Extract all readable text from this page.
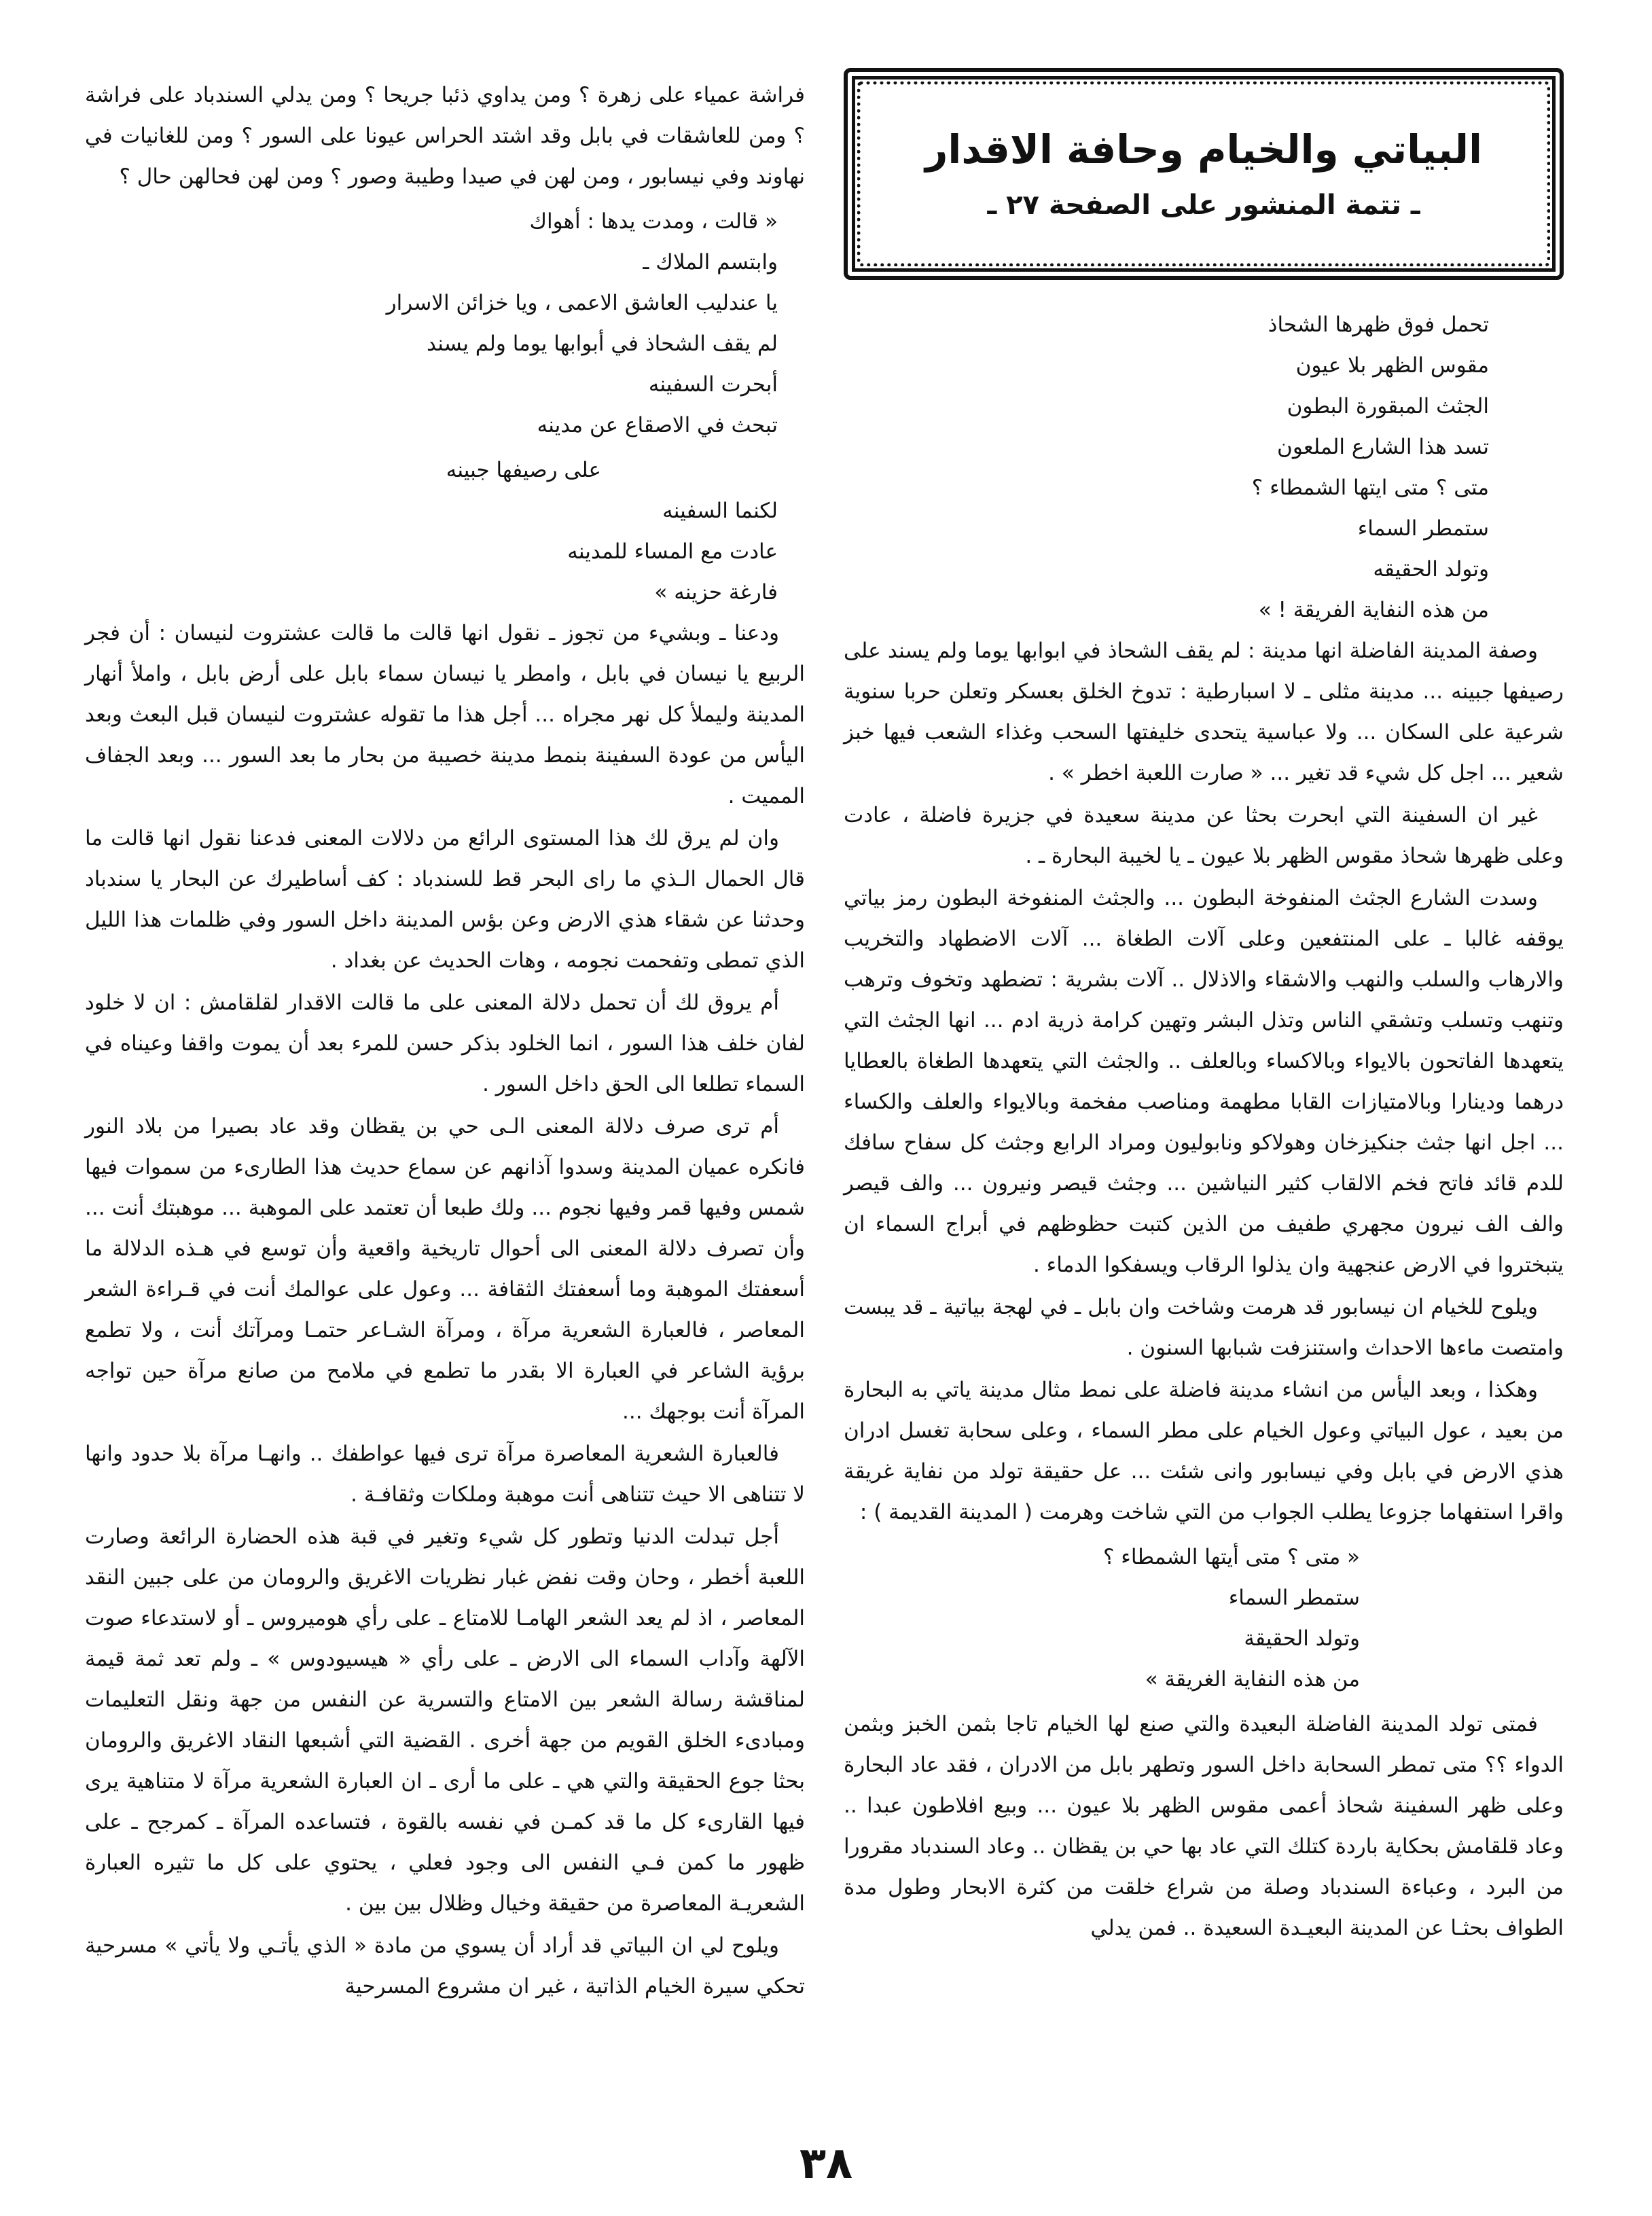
البياتي والخيام وحافة الاقدار
ـ تتمة المنشور على الصفحة ٢٧ ـ
تحمل فوق ظهرها الشحاذ
مقوس الظهر بلا عيون
الجثث المبقورة البطون
تسد هذا الشارع الملعون
متى ؟ متى ايتها الشمطاء ؟
ستمطر السماء
وتولد الحقيقه
من هذه النفاية الفريقة ! »

وصفة المدينة الفاضلة انها مدينة : لم يقف الشحاذ في ابوابها يوما ولم يسند على رصيفها جبينه ... مدينة مثلى ـ لا اسبارطية : تدوخ الخلق بعسكر وتعلن حربا سنوية شرعية على السكان ... ولا عباسية يتحدى خليفتها السحب وغذاء الشعب فيها خبز شعير ... اجل كل شيء قد تغير ... « صارت اللعبة اخطر » .

غير ان السفينة التي ابحرت بحثا عن مدينة سعيدة في جزيرة فاضلة ، عادت وعلى ظهرها شحاذ مقوس الظهر بلا عيون ـ يا لخيبة البحارة ـ .

وسدت الشارع الجثث المنفوخة البطون ... والجثث المنفوخة البطون رمز بياتي يوقفه غالبا ـ على المنتفعين وعلى آلات الطغاة ... آلات الاضطهاد والتخريب والارهاب والسلب والنهب والاشقاء والاذلال .. آلات بشرية : تضطهد وتخوف وترهب وتنهب وتسلب وتشقي الناس وتذل البشر وتهين كرامة ذرية ادم ... انها الجثث التي يتعهدها الفاتحون بالايواء وبالاكساء وبالعلف .. والجثث التي يتعهدها الطغاة بالعطايا درهما ودينارا وبالامتيازات القابا مطهمة ومناصب مفخمة وبالايواء والعلف والكساء ... اجل انها جثث جنكيزخان وهولاكو ونابوليون ومراد الرابع وجثث كل سفاح سافك للدم قائد فاتح فخم الالقاب كثير النياشين ... وجثث قيصر ونيرون ... والف قيصر والف الف نيرون مجهري طفيف من الذين كتبت حظوظهم في أبراج السماء ان يتبختروا في الارض عنجهية وان يذلوا الرقاب ويسفكوا الدماء .

ويلوح للخيام ان نيسابور قد هرمت وشاخت وان بابل ـ في لهجة بياتية ـ قد يبست وامتصت ماءها الاحداث واستنزفت شبابها السنون .

وهكذا ، وبعد اليأس من انشاء مدينة فاضلة على نمط مثال مدينة ياتي به البحارة من بعيد ، عول البياتي وعول الخيام على مطر السماء ، وعلى سحابة تغسل ادران هذي الارض في بابل وفي نيسابور وانى شئت ... عل حقيقة تولد من نفاية غريقة واقرا استفهاما جزوعا يطلب الجواب من التي شاخت وهرمت ( المدينة القديمة ) :

« متى ؟ متى أيتها الشمطاء ؟
ستمطر السماء
وتولد الحقيقة
من هذه النفاية الغريقة »

فمتى تولد المدينة الفاضلة البعيدة والتي صنع لها الخيام تاجا بثمن الخبز وبثمن الدواء ؟؟ متى تمطر السحابة داخل السور وتطهر بابل من الادران ، فقد عاد البحارة وعلى ظهر السفينة شحاذ أعمى مقوس الظهر بلا عيون ... وبيع افلاطون عبدا .. وعاد قلقامش بحكاية باردة كتلك التي عاد بها حي بن يقظان .. وعاد السندباد مقرورا من البرد ، وعباءة السندباد وصلة من شراع خلقت من كثرة الابحار وطول مدة الطواف بحثـا عن المدينة البعيـدة السعيدة .. فمن يدلي

فراشة عمياء على زهرة ؟ ومن يداوي ذئبا جريحا ؟ ومن يدلي السندباد على فراشة ؟ ومن للعاشقات في بابل وقد اشتد الحراس عيونا على السور ؟ ومن للغانيات في نهاوند وفي نيسابور ، ومن لهن في صيدا وطيبة وصور ؟ ومن لهن فحالهن حال ؟

« قالت ، ومدت يدها : أهواك
وابتسم الملاك ـ
يا عندليب العاشق الاعمى ، ويا خزائن الاسرار
لم يقف الشحاذ في أبوابها يوما ولم يسند
أبحرت السفينه
تبحث في الاصقاع عن مدينه
على رصيفها جبينه
لكنما السفينه
عادت مع المساء للمدينه
فارغة حزينه »

ودعنا ـ وبشيء من تجوز ـ نقول انها قالت ما قالت عشتروت لنيسان : أن فجر الربيع يا نيسان في بابل ، وامطر يا نيسان سماء بابل على أرض بابل ، واملأ أنهار المدينة وليملأ كل نهر مجراه ... أجل هذا ما تقوله عشتروت لنيسان قبل البعث وبعد اليأس من عودة السفينة بنمط مدينة خصيبة من بحار ما بعد السور ... وبعد الجفاف المميت .

وان لم يرق لك هذا المستوى الرائع من دلالات المعنى فدعنا نقول انها قالت ما قال الحمال الـذي ما راى البحر قط للسندباد : كف أساطيرك عن البحار يا سندباد وحدثنا عن شقاء هذي الارض وعن بؤس المدينة داخل السور وفي ظلمات هذا الليل الذي تمطى وتفحمت نجومه ، وهات الحديث عن بغداد .

أم يروق لك أن تحمل دلالة المعنى على ما قالت الاقدار لقلقامش : ان لا خلود لفان خلف هذا السور ، انما الخلود بذكر حسن للمرء بعد أن يموت واقفا وعيناه في السماء تطلعا الى الحق داخل السور .

أم ترى صرف دلالة المعنى الـى حي بن يقظان وقد عاد بصيرا من بلاد النور فانكره عميان المدينة وسدوا آذانهم عن سماع حديث هذا الطارىء من سموات فيها شمس وفيها قمر وفيها نجوم ... ولك طبعا أن تعتمد على الموهبة ... موهبتك أنت ... وأن تصرف دلالة المعنى الى أحوال تاريخية واقعية وأن توسع في هـذه الدلالة ما أسعفتك الموهبة وما أسعفتك الثقافة ... وعول على عوالمك أنت في قـراءة الشعر المعاصر ، فالعبارة الشعرية مرآة ، ومرآة الشـاعر حتمـا ومرآتك أنت ، ولا تطمع برؤية الشاعر في العبارة الا بقدر ما تطمع في ملامح من صانع مرآة حين تواجه المرآة أنت بوجهك ...

فالعبارة الشعرية المعاصرة مرآة ترى فيها عواطفك .. وانهـا مرآة بلا حدود وانها لا تتناهى الا حيث تتناهى أنت موهبة وملكات وثقافـة .

أجل تبدلت الدنيا وتطور كل شيء وتغير في قبة هذه الحضارة الرائعة وصارت اللعبة أخطر ، وحان وقت نفض غبار نظريات الاغريق والرومان من على جبين النقد المعاصر ، اذ لم يعد الشعر الهامـا للامتاع ـ على رأي هوميروس ـ أو لاستدعاء صوت الآلهة وآداب السماء الى الارض ـ على رأي « هيسيودوس » ـ ولم تعد ثمة قيمة لمناقشة رسالة الشعر بين الامتاع والتسرية عن النفس من جهة ونقل التعليمات ومبادىء الخلق القويم من جهة أخرى . القضية التي أشبعها النقاد الاغريق والرومان بحثا جوع الحقيقة والتي هي ـ على ما أرى ـ ان العبارة الشعرية مرآة لا متناهية يرى فيها القارىء كل ما قد كمـن في نفسه بالقوة ، فتساعده المرآة ـ كمرجح ـ على ظهور ما كمن فـي النفس الى وجود فعلي ، يحتوي على كل ما تثيره العبارة الشعريـة المعاصرة من حقيقة وخيال وظلال بين بين .

ويلوح لي ان البياتي قد أراد أن يسوي من مادة « الذي يأتـي ولا يأتي » مسرحية تحكي سيرة الخيام الذاتية ، غير ان مشروع المسرحية

٣٨
